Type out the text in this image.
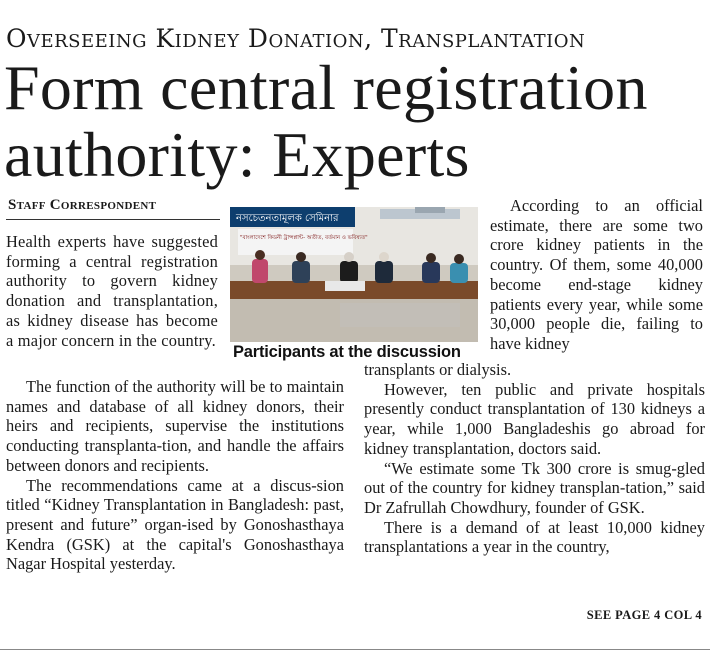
Overseeing Kidney Donation, Transplantation
Form central registration authority: Experts
Staff Correspondent

Health experts have suggested forming a central registration authority to govern kidney donation and transplantation, as kidney disease has become a major concern in the country.

The function of the authority will be to maintain names and database of all kidney donors, their heirs and recipients, supervise the institutions conducting transplanta-tion, and handle the affairs between donors and recipients.

The recommendations came at a discus-sion titled “Kidney Transplantation in Bangladesh: past, present and future” organ-ised by Gonoshasthaya Kendra (GSK) at the capital's Gonoshasthaya Nagar Hospital yesterday.

নসচেতনতামূলক সেমিনার
"বাংলাদেশে কিডনী ট্রান্সপ্লান্ট- অতীত, বর্তমান ও ভবিষ্যত"
Participants at the discussion

According to an official estimate, there are some two crore kidney patients in the country. Of them, some 40,000 become end-stage kidney patients every year, while some 30,000 people die, failing to have kidney

transplants or dialysis.

However, ten public and private hospitals presently conduct transplantation of 130 kidneys a year, while 1,000 Bangladeshis go abroad for kidney transplantation, doctors said.

“We estimate some Tk 300 crore is smug-gled out of the country for kidney transplan-tation,” said Dr Zafrullah Chowdhury, founder of GSK.

There is a demand of at least 10,000 kidney transplantations a year in the country,

SEE PAGE 4 COL 4
